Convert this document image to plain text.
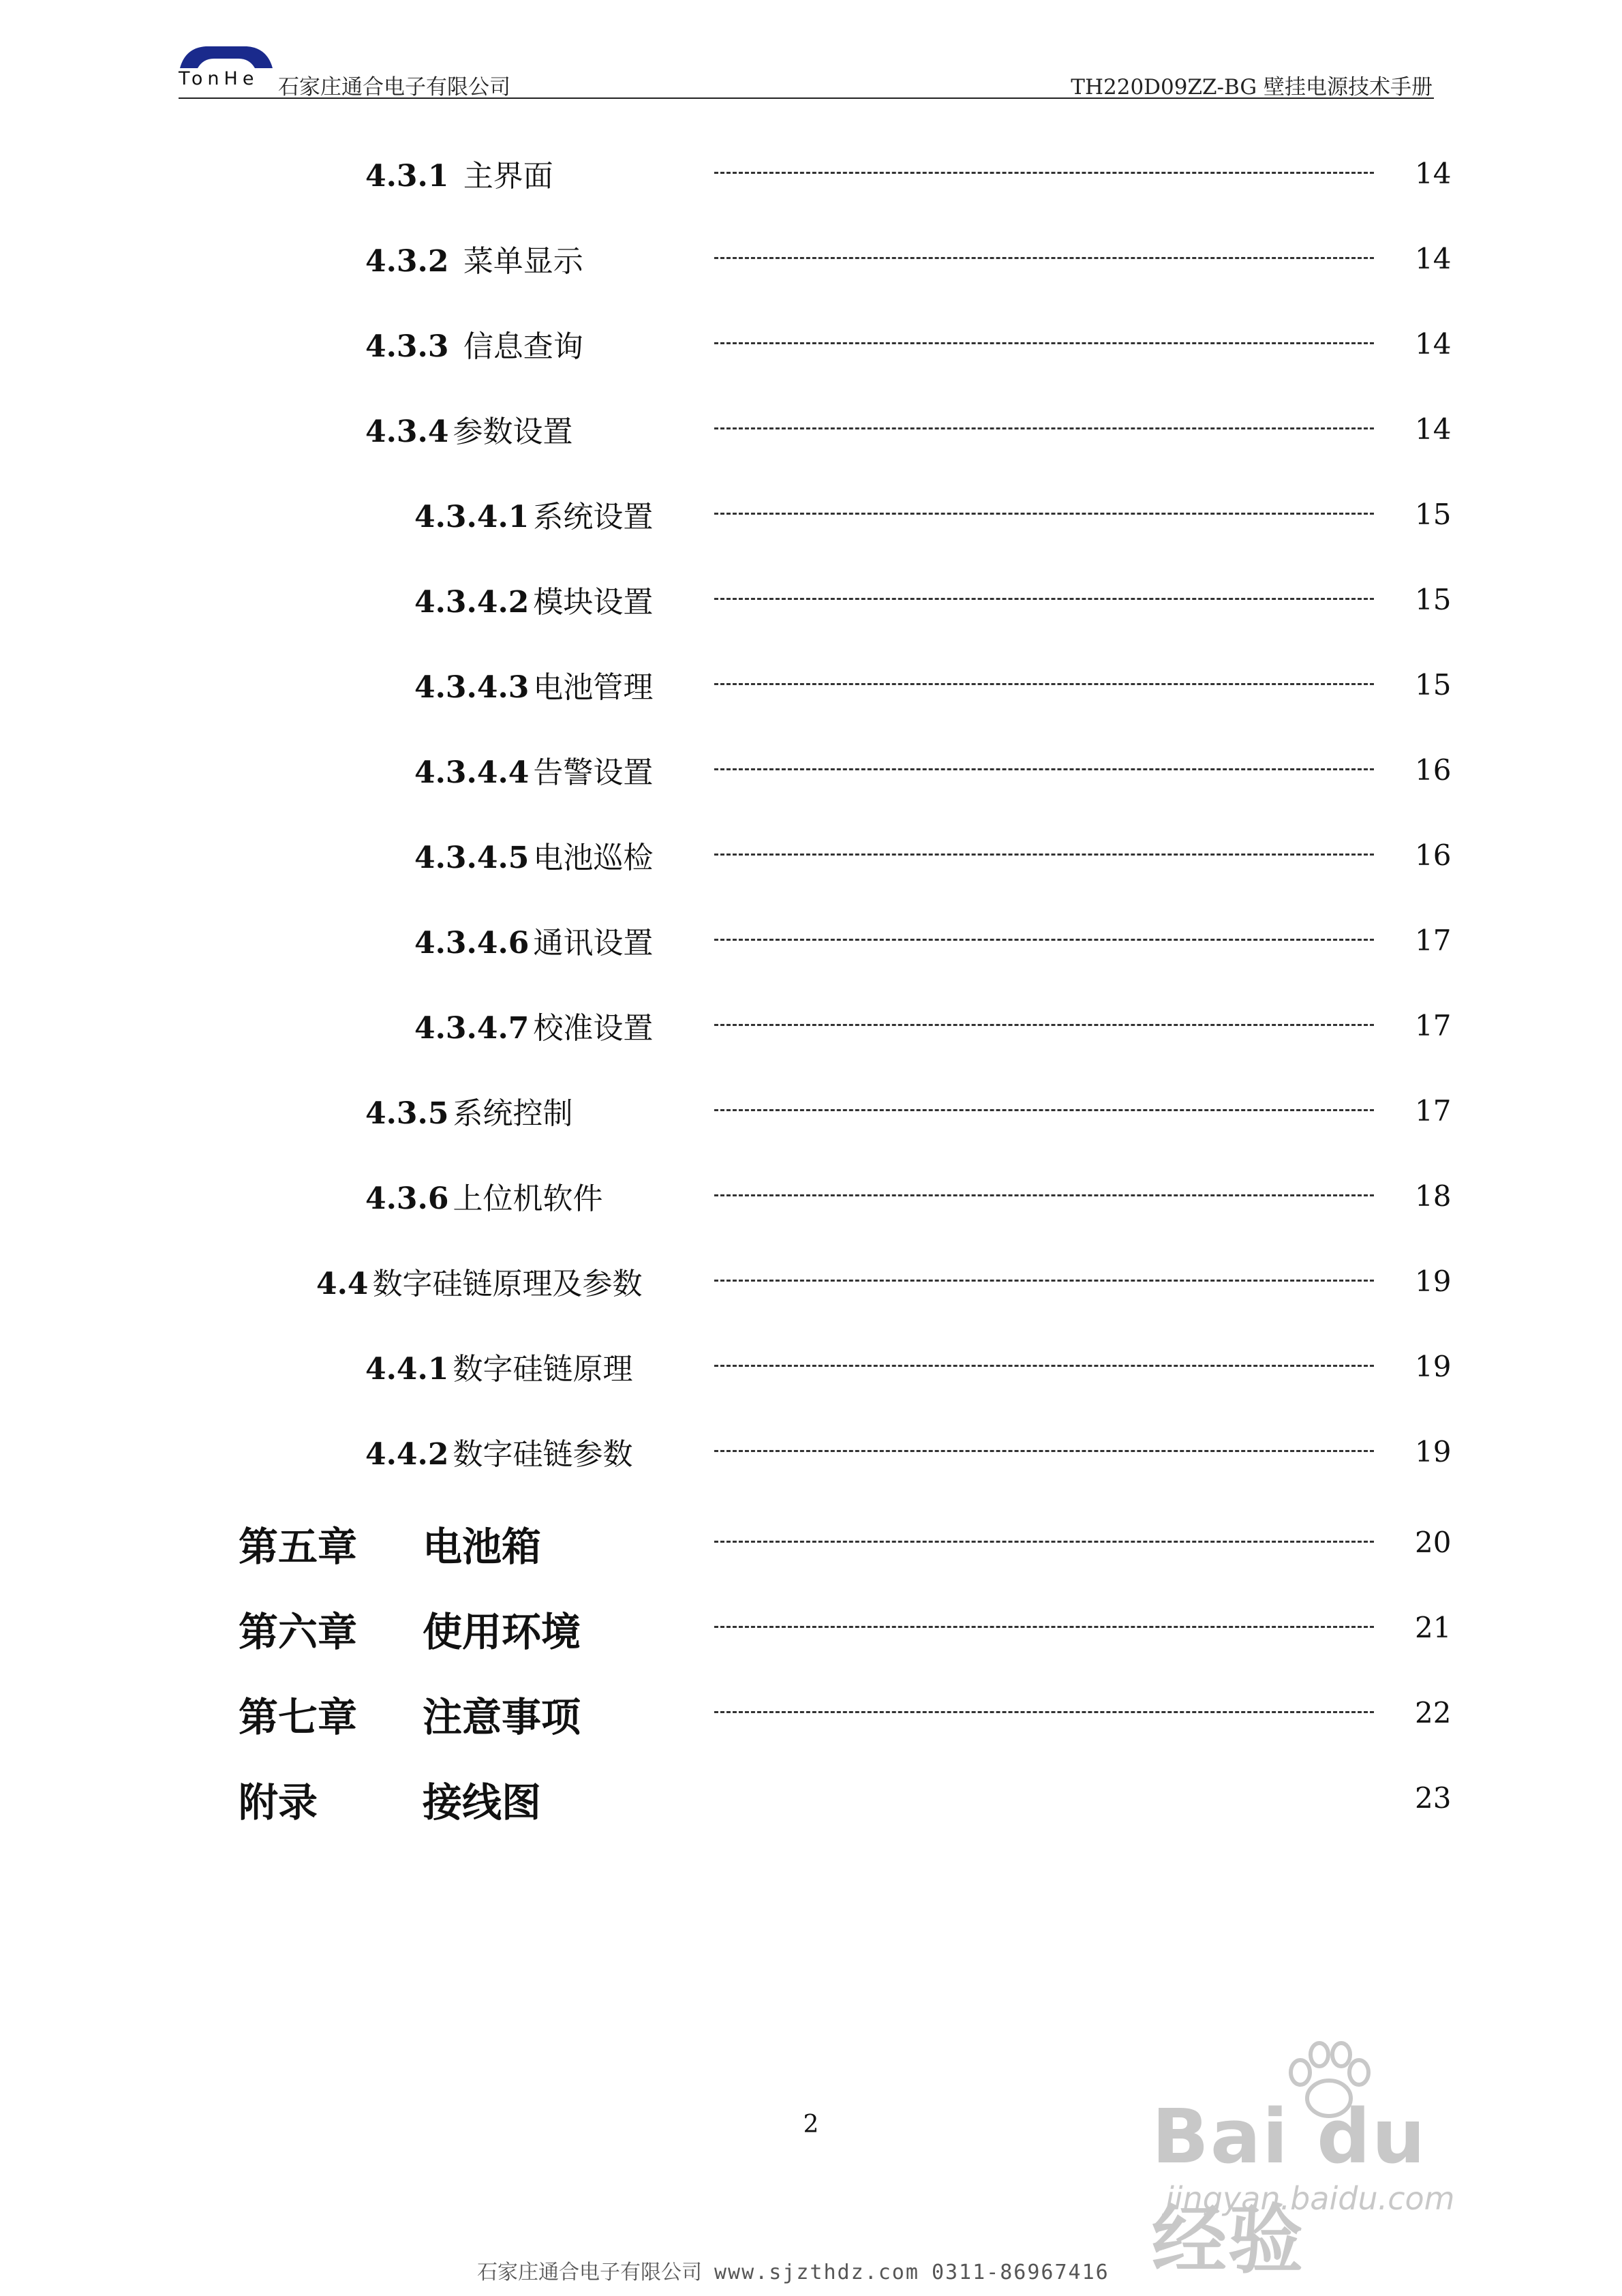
TonHe 石家庄通合电子有限公司	TH220D09ZZ-BG 壁挂电源技术手册
4.3.1 主界面	14
4.3.2 菜单显示	14
4.3.3 信息查询	14
4.3.4 参数设置	14
4.3.4.1 系统设置	15
4.3.4.2 模块设置	15
4.3.4.3 电池管理	15
4.3.4.4 告警设置	16
4.3.4.5 电池巡检	16
4.3.4.6 通讯设置	17
4.3.4.7 校准设置	17
4.3.5 系统控制	17
4.3.6 上位机软件	18
4.4 数字硅链原理及参数	19
4.4.1 数字硅链原理	19
4.4.2 数字硅链参数	19
第五章 电池箱	20
第六章 使用环境	21
第七章 注意事项	22
附录	接线图	23
2	Bai du 经验
jingyan.baidu.com
石家庄通合电子有限公司 www.sjzthdz.com 0311-86967416
